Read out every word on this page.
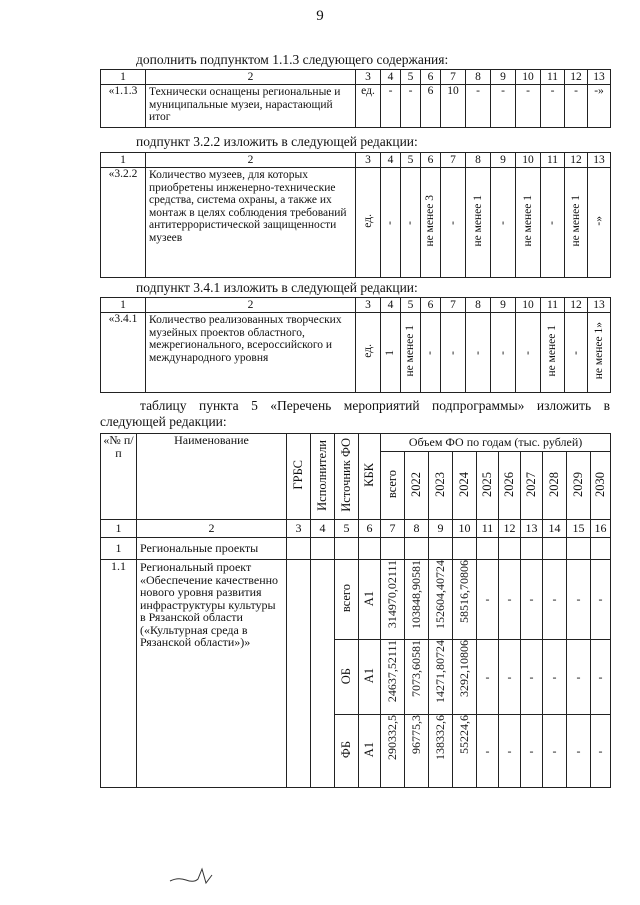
9
дополнить подпунктом 1.1.3 следующего содержания:
1	2	3	4	5	6	7	8	9	10	11	12	13
«1.1.3	Технически оснащены региональные и муниципальные музеи, нарастающий итог	ед.	-	-	6	10	-	-	-	-	-	-»
подпункт 3.2.2 изложить в следующей редакции:
1	2	3	4	5	6	7	8	9	10	11	12	13
«3.2.2	Количество музеев, для которых приобретены инженерно-технические средства, система охраны, а также их монтаж в целях соблюдения требований антитеррористической защищенности музеев	ед.	-	-	не менее 3	-	не менее 1	-	не менее 1	-	не менее 1	-»
подпункт 3.4.1 изложить в следующей редакции:
1	2	3	4	5	6	7	8	9	10	11	12	13
«3.4.1	Количество реализованных творческих музейных проектов областного, межрегионального, всероссийского и международного уровня	ед.	1	не менее 1	-	-	-	-	-	не менее 1	-	не менее 1»
таблицу пункта 5 «Перечень мероприятий подпрограммы» изложить в следующей редакции:
«№ п/п	Наименование	ГРБС	Исполнители	Источник ФО	КБК	Объем ФО по годам (тыс. рублей)									
						всего	2022	2023	2024	2025	2026	2027	2028	2029	2030
1	2	3	4	5	6	7	8	9	10	11	12	13	14	15	16
1	Региональные проекты														
1.1	Региональный проект «Обеспечение качественно нового уровня развития инфраструктуры культуры в Рязанской области («Культурная среда в Рязанской области»)»			всего	А1	314970,02111	103848,90581	152604,40724	58516,70806	-	-	-	-	-	-
				ОБ	А1	24637,52111	7073,60581	14271,80724	3292,10806	-	-	-	-	-	-
				ФБ	А1	290332,5	96775,3	138332,6	55224,6	-	-	-	-	-	-
